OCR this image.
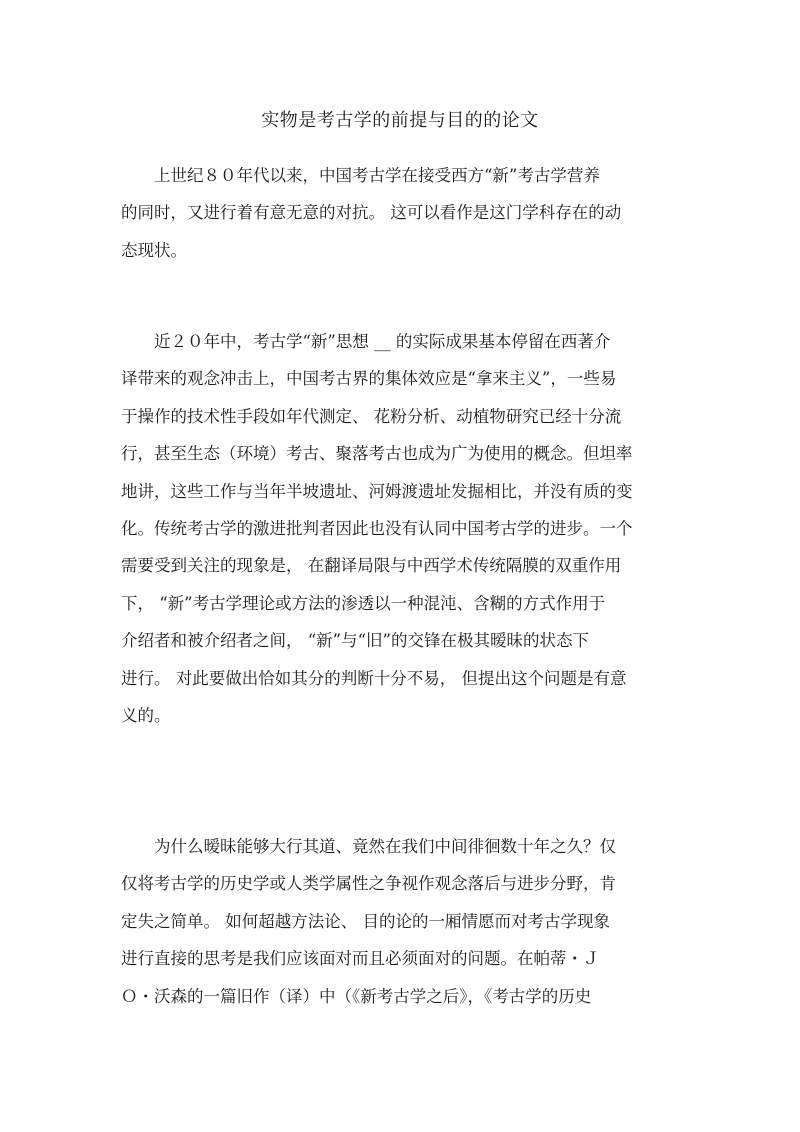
实物是考古学的前提与目的的论文
　　上世纪８０年代以来，中国考古学在接受西方“新”考古学营养
的同时，又进行着有意无意的对抗。 这可以看作是这门学科存在的动
态现状。
　　近２０年中，考古学“新”思想 __ 的实际成果基本停留在西著介
译带来的观念冲击上，中国考古界的集体效应是“拿来主义”，一些易
于操作的技术性手段如年代测定、 花粉分析、动植物研究已经十分流
行，甚至生态（环境）考古、聚落考古也成为广为使用的概念。但坦率
地讲，这些工作与当年半坡遗址、河姆渡遗址发掘相比，并没有质的变
化。传统考古学的激进批判者因此也没有认同中国考古学的进步。一个
需要受到关注的现象是， 在翻译局限与中西学术传统隔膜的双重作用
下， “新”考古学理论或方法的渗透以一种混沌、含糊的方式作用于
介绍者和被介绍者之间， “新”与“旧”的交锋在极其暧昧的状态下
进行。 对此要做出恰如其分的判断十分不易， 但提出这个问题是有意
义的。
　　为什么暧昧能够大行其道、竟然在我们中间徘徊数十年之久？仅
仅将考古学的历史学或人类学属性之争视作观念落后与进步分野，肯
定失之简单。 如何超越方法论、 目的论的一厢情愿而对考古学现象
进行直接的思考是我们应该面对而且必须面对的问题。在帕蒂・Ｊ
Ｏ・沃森的一篇旧作（译）中（《新考古学之后》，《考古学的历史
